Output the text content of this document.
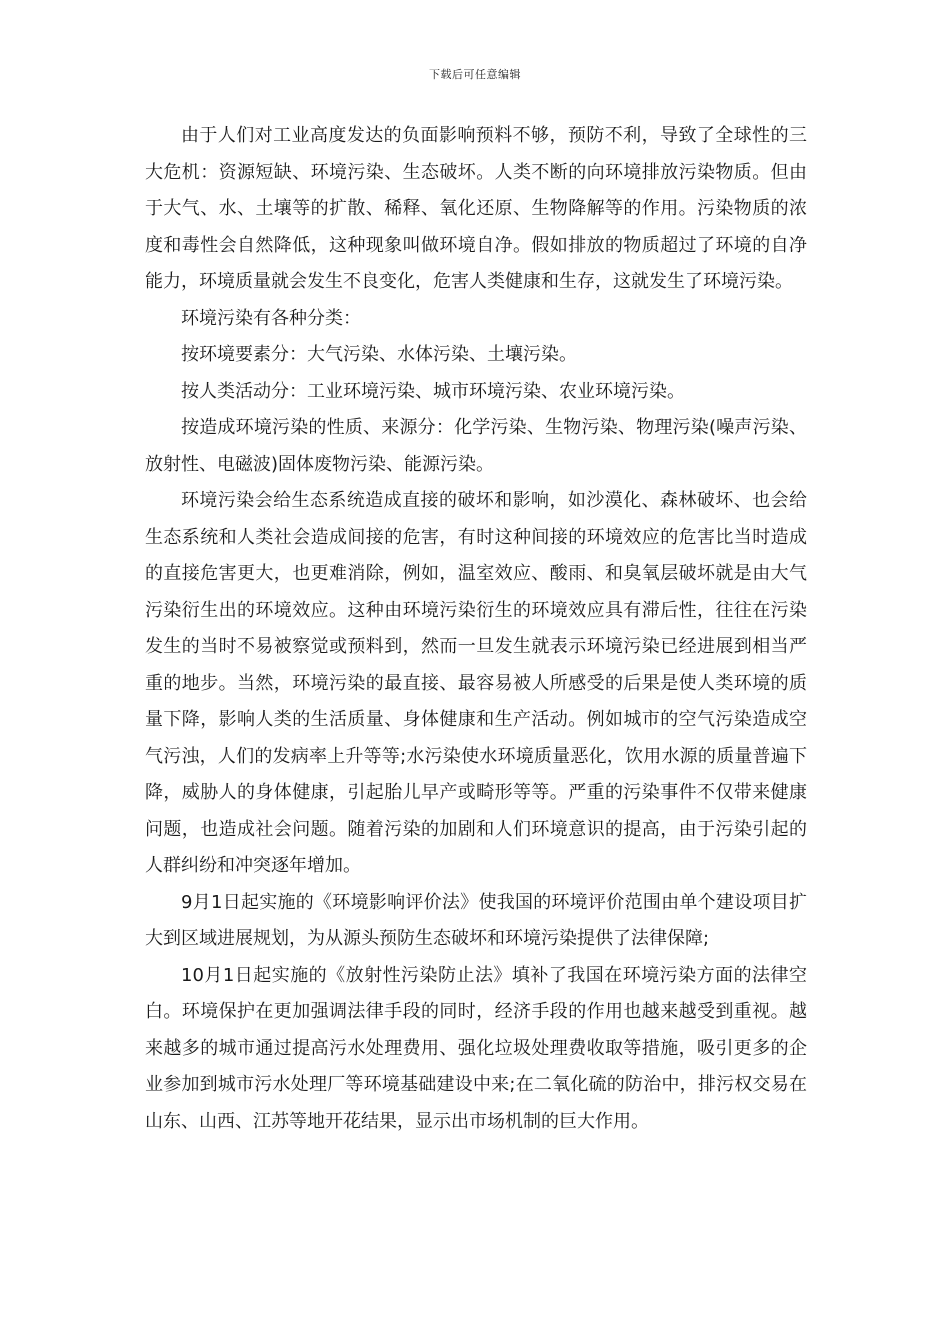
下载后可任意编辑

由于人们对工业高度发达的负面影响预料不够，预防不利，导致了全球性的三大危机：资源短缺、环境污染、生态破坏。人类不断的向环境排放污染物质。但由于大气、水、土壤等的扩散、稀释、氧化还原、生物降解等的作用。污染物质的浓度和毒性会自然降低，这种现象叫做环境自净。假如排放的物质超过了环境的自净能力，环境质量就会发生不良变化，危害人类健康和生存，这就发生了环境污染。

环境污染有各种分类：

按环境要素分：大气污染、水体污染、土壤污染。

按人类活动分：工业环境污染、城市环境污染、农业环境污染。

按造成环境污染的性质、来源分：化学污染、生物污染、物理污染(噪声污染、放射性、电磁波)固体废物污染、能源污染。

环境污染会给生态系统造成直接的破坏和影响，如沙漠化、森林破坏、也会给生态系统和人类社会造成间接的危害，有时这种间接的环境效应的危害比当时造成的直接危害更大，也更难消除，例如，温室效应、酸雨、和臭氧层破坏就是由大气污染衍生出的环境效应。这种由环境污染衍生的环境效应具有滞后性，往往在污染发生的当时不易被察觉或预料到，然而一旦发生就表示环境污染已经进展到相当严重的地步。当然，环境污染的最直接、最容易被人所感受的后果是使人类环境的质量下降，影响人类的生活质量、身体健康和生产活动。例如城市的空气污染造成空气污浊，人们的发病率上升等等;水污染使水环境质量恶化，饮用水源的质量普遍下降，威胁人的身体健康，引起胎儿早产或畸形等等。严重的污染事件不仅带来健康问题，也造成社会问题。随着污染的加剧和人们环境意识的提高，由于污染引起的人群纠纷和冲突逐年增加。

9月1日起实施的《环境影响评价法》使我国的环境评价范围由单个建设项目扩大到区域进展规划，为从源头预防生态破坏和环境污染提供了法律保障;

10月1日起实施的《放射性污染防止法》填补了我国在环境污染方面的法律空白。环境保护在更加强调法律手段的同时，经济手段的作用也越来越受到重视。越来越多的城市通过提高污水处理费用、强化垃圾处理费收取等措施，吸引更多的企业参加到城市污水处理厂等环境基础建设中来;在二氧化硫的防治中，排污权交易在山东、山西、江苏等地开花结果，显示出市场机制的巨大作用。
